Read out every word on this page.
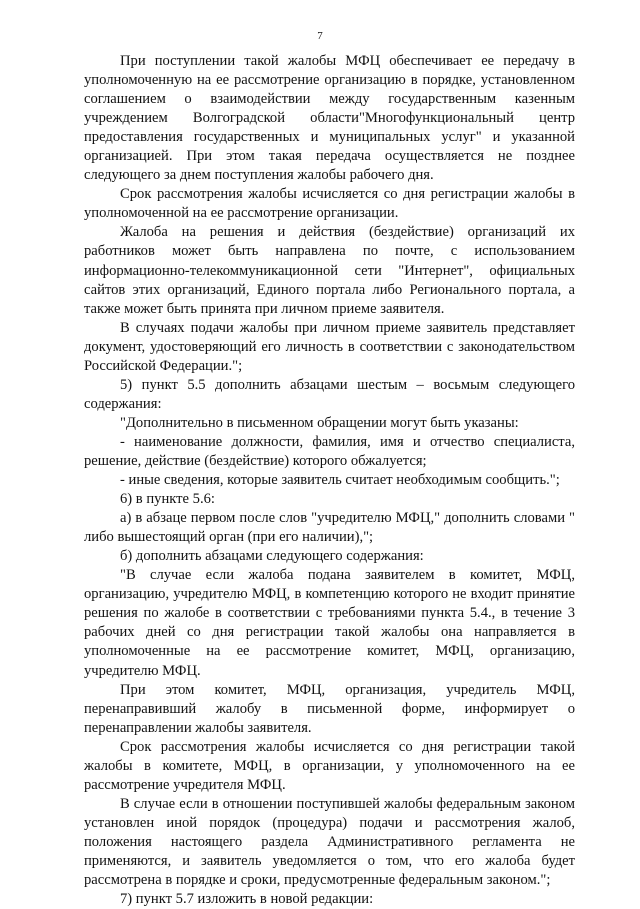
7

При поступлении такой жалобы МФЦ обеспечивает ее передачу в уполномоченную на ее рассмотрение организацию в порядке, установленном соглашением о взаимодействии между государственным казенным учреждением Волгоградской области"Многофункциональный центр предоставления государственных и муниципальных услуг" и указанной организацией. При этом такая передача осуществляется не позднее следующего за днем поступления жалобы рабочего дня.

Срок рассмотрения жалобы исчисляется со дня регистрации жалобы в уполномоченной на ее рассмотрение организации.

Жалоба на решения и действия (бездействие) организаций их работников может быть направлена по почте, с использованием информационно-телекоммуникационной сети "Интернет", официальных сайтов этих организаций, Единого портала либо Регионального портала, а также может быть принята при личном приеме заявителя.

В случаях подачи жалобы при личном приеме заявитель представляет документ, удостоверяющий его личность в соответствии с законодательством Российской Федерации.";

5) пункт 5.5 дополнить абзацами шестым – восьмым следующего содержания:

"Дополнительно в письменном обращении могут быть указаны:

- наименование должности, фамилия, имя и отчество специалиста, решение, действие (бездействие) которого обжалуется;

- иные сведения, которые заявитель считает необходимым сообщить.";

6) в пункте 5.6:

а) в абзаце первом после слов "учредителю МФЦ," дополнить словами " либо вышестоящий орган (при его наличии),";

б) дополнить абзацами следующего содержания:

"В случае если жалоба подана заявителем в комитет, МФЦ, организацию, учредителю МФЦ, в компетенцию которого не входит принятие решения по жалобе в соответствии с требованиями пункта 5.4., в течение 3 рабочих дней со дня регистрации такой жалобы она направляется в уполномоченные на ее рассмотрение комитет, МФЦ, организацию, учредителю МФЦ.

При этом комитет, МФЦ, организация, учредитель МФЦ, перенаправивший жалобу в письменной форме, информирует о перенаправлении жалобы заявителя.

Срок рассмотрения жалобы исчисляется со дня регистрации такой жалобы в комитете, МФЦ, в организации, у уполномоченного на ее рассмотрение учредителя МФЦ.

В случае если в отношении поступившей жалобы федеральным законом установлен иной порядок (процедура) подачи и рассмотрения жалоб, положения настоящего раздела Административного регламента не применяются, и заявитель уведомляется о том, что его жалоба будет рассмотрена в порядке и сроки, предусмотренные федеральным законом.";

7) пункт 5.7 изложить в новой редакции:
